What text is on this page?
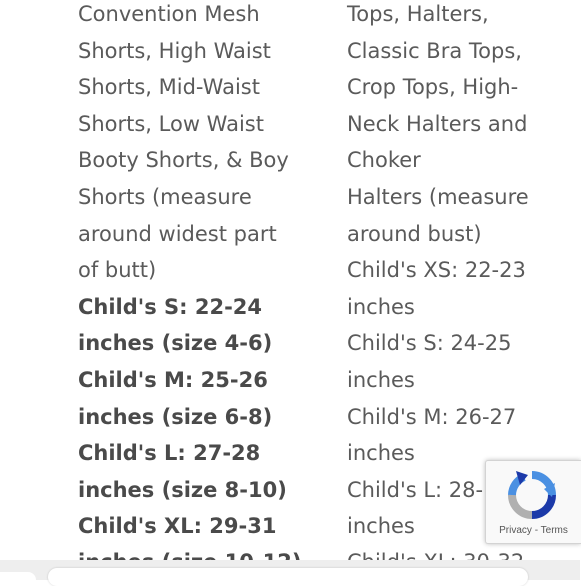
Convention Mesh
Shorts, High Waist
Shorts, Mid-Waist
Shorts, Low Waist
Booty Shorts, & Boy
Shorts (measure
around widest part
of butt)
Child's S: 22-24
inches (size 4-6)
Child's M: 25-26
inches (size 6-8)
Child's L: 27-28
inches (size 8-10)
Child's XL: 29-31
Tops, Halters,
Classic Bra Tops,
Crop Tops, High-
Neck Halters and
Choker
Halters (measure
around bust)
Child's XS: 22-23
inches
Child's S: 24-25
inches
Child's M: 26-27
inches
Child's L: 28-
inches	Privacy - Terms
